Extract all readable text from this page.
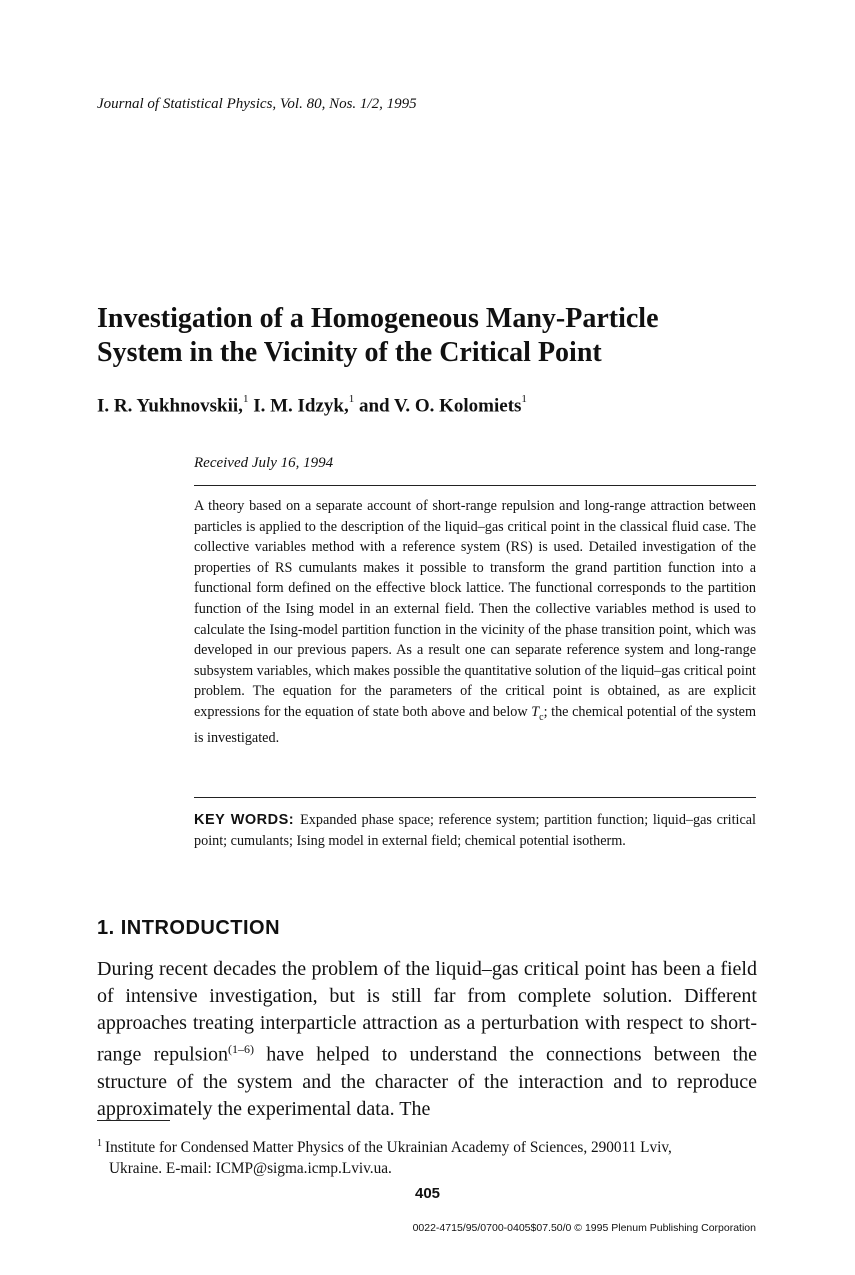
Journal of Statistical Physics, Vol. 80, Nos. 1/2, 1995
Investigation of a Homogeneous Many-Particle
System in the Vicinity of the Critical Point
I. R. Yukhnovskii,$^1$ I. M. Idzyk,$^1$ and V. O. Kolomiets$^1$
Received July 16, 1994
A theory based on a separate account of short-range repulsion and long-range attraction between particles is applied to the description of the liquid–gas critical point in the classical fluid case. The collective variables method with a reference system (RS) is used. Detailed investigation of the properties of RS cumulants makes it possible to transform the grand partition function into a functional form defined on the effective block lattice. The functional corresponds to the partition function of the Ising model in an external field. Then the collective variables method is used to calculate the Ising-model partition function in the vicinity of the phase transition point, which was developed in our previous papers. As a result one can separate reference system and long-range subsystem variables, which makes possible the quantitative solution of the liquid–gas critical point problem. The equation for the parameters of the critical point is obtained, as are explicit expressions for the equation of state both above and below $T_c$; the chemical potential of the system is investigated.
KEY WORDS: Expanded phase space; reference system; partition function; liquid–gas critical point; cumulants; Ising model in external field; chemical potential isotherm.
1. INTRODUCTION
During recent decades the problem of the liquid–gas critical point has been a field of intensive investigation, but is still far from complete solution. Different approaches treating interparticle attraction as a perturbation with respect to short-range repulsion$^{(1-6)}$ have helped to understand the connections between the structure of the system and the character of the interaction and to reproduce approximately the experimental data. The
$^1$ Institute for Condensed Matter Physics of the Ukrainian Academy of Sciences, 290011 Lviv,
Ukraine. E-mail: ICMP@sigma.icmp.Lviv.ua.
405
0022-4715/95/0700-0405$07.50/0 © 1995 Plenum Publishing Corporation
